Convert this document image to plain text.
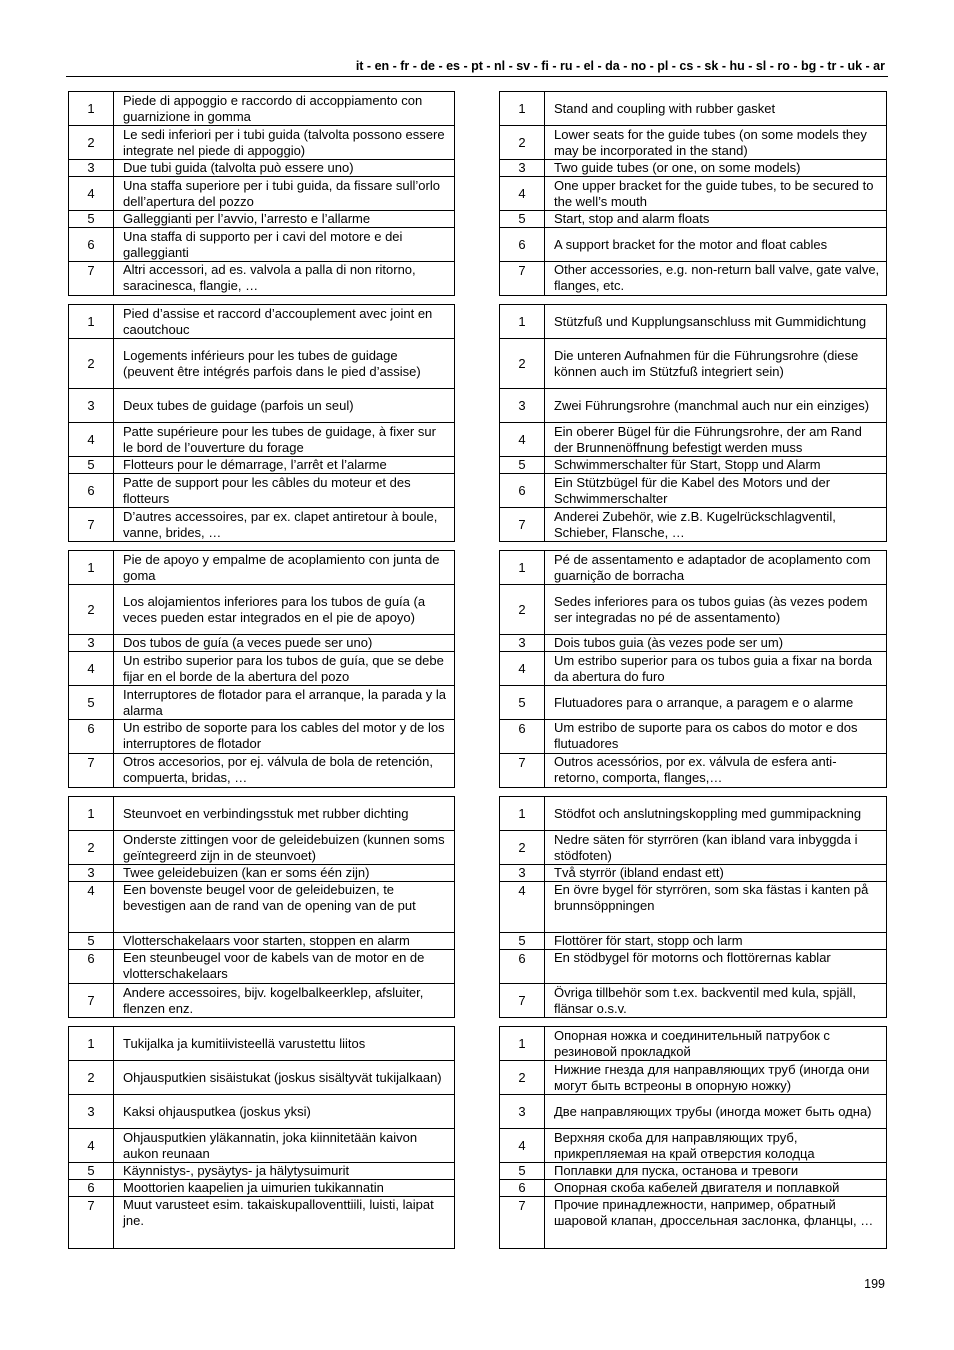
it - en - fr - de - es - pt - nl - sv - fi - ru - el - da - no - pl - cs - sk - hu - sl - ro - bg - tr - uk - ar
1	Piede di appoggio e raccordo di accoppiamento con guarnizione in gomma
2	Le sedi inferiori per i tubi guida (talvolta possono essere integrate nel piede di appoggio)
3	Due tubi guida (talvolta può essere uno)
4	Una staffa superiore per i tubi guida, da fissare sull’orlo dell’apertura del pozzo
5	Galleggianti per l’avvio, l’arresto e l’allarme
6	Una staffa di supporto per i cavi del motore e dei galleggianti
7	Altri accessori, ad es. valvola a palla di non ritorno, saracinesca, flangie, …
1	Stand and coupling with rubber gasket
2	Lower seats for the guide tubes (on some models they may be incorporated in the stand)
3	Two guide tubes (or one, on some models)
4	One upper bracket for the guide tubes, to be secured to the well’s mouth
5	Start, stop and alarm floats
6	A support bracket for the motor and float cables
7	Other accessories, e.g. non-return ball valve, gate valve, flanges, etc.
1	Pied d’assise et raccord d’accouplement avec joint en caoutchouc
2	Logements inférieurs pour les tubes de guidage (peuvent être intégrés parfois dans le pied d’assise)
3	Deux tubes de guidage (parfois un seul)
4	Patte supérieure pour les tubes de guidage, à fixer sur le bord de l’ouverture du forage
5	Flotteurs pour le démarrage, l’arrêt et l’alarme
6	Patte de support pour les câbles du moteur et des flotteurs
7	D’autres accessoires, par ex. clapet antiretour à boule, vanne, brides, …
1	Stützfuß und Kupplungsanschluss mit Gummidichtung
2	Die unteren Aufnahmen für die Führungsrohre (diese können auch im Stützfuß integriert sein)
3	Zwei Führungsrohre (manchmal auch nur ein einziges)
4	Ein oberer Bügel für die Führungsrohre, der am Rand der Brunnenöffnung befestigt werden muss
5	Schwimmerschalter für Start, Stopp und Alarm
6	Ein Stützbügel für die Kabel des Motors und der Schwimmerschalter
7	Anderei Zubehör, wie z.B. Kugelrückschlagventil, Schieber, Flansche, …
1	Pie de apoyo y empalme de acoplamiento con junta de goma
2	Los alojamientos inferiores para los tubos de guía (a veces pueden estar integrados en el pie de apoyo)
3	Dos tubos de guía (a veces puede ser uno)
4	Un estribo superior para los tubos de guía, que se debe fijar en el borde de la abertura del pozo
5	Interruptores de flotador para el arranque, la parada y la alarma
6	Un estribo de soporte para los cables del motor y de los interruptores de flotador
7	Otros accesorios, por ej. válvula de bola de retención, compuerta, bridas, …
1	Pé de assentamento e adaptador de acoplamento com guarnição de borracha
2	Sedes inferiores para os tubos guias (às vezes podem ser integradas no pé de assentamento)
3	Dois tubos guia (às vezes pode ser um)
4	Um estribo superior para os tubos guia a fixar na borda da abertura do furo
5	Flutuadores para o arranque, a paragem e o alarme
6	Um estribo de suporte para os cabos do motor e dos flutuadores
7	Outros acessórios, por ex. válvula de esfera anti-retorno, comporta, flanges,…
1	Steunvoet en verbindingsstuk met rubber dichting
2	Onderste zittingen voor de geleidebuizen (kunnen soms geïntegreerd zijn in de steunvoet)
3	Twee geleidebuizen (kan er soms één zijn)
4	Een bovenste beugel voor de geleidebuizen, te bevestigen aan de rand van de opening van de put
5	Vlotterschakelaars voor starten, stoppen en alarm
6	Een steunbeugel voor de kabels van de motor en de vlotterschakelaars
7	Andere accessoires, bijv. kogelbalkeerklep, afsluiter, flenzen enz.
1	Stödfot och anslutningskoppling med gummipackning
2	Nedre säten för styrrören (kan ibland vara inbyggda i stödfoten)
3	Två styrrör (ibland endast ett)
4	En övre bygel för styrrören, som ska fästas i kanten på brunnsöppningen
5	Flottörer för start, stopp och larm
6	En stödbygel för motorns och flottörernas kablar
7	Övriga tillbehör som t.ex. backventil med kula, spjäll, flänsar o.s.v.
1	Tukijalka ja kumitiivisteellä varustettu liitos
2	Ohjausputkien sisäistukat (joskus sisältyvät tukijalkaan)
3	Kaksi ohjausputkea (joskus yksi)
4	Ohjausputkien yläkannatin, joka kiinnitetään kaivon aukon reunaan
5	Käynnistys-, pysäytys- ja hälytysuimurit
6	Moottorien kaapelien ja uimurien tukikannatin
7	Muut varusteet esim. takaiskupalloventtiili, luisti, laipat jne.
1	Опорная ножка и соединительный патрубок с резиновой прокладкой
2	Нижние гнезда для направляющих труб (иногда они могут быть встреоны в опорную ножку)
3	Две направляющих трубы (иногда может быть одна)
4	Верхняя скоба для направляющих труб, прикрепляемая на край отверстия колодца
5	Поплавки для пуска, останова и тревоги
6	Опорная скоба кабелей двигателя и поплавкой
7	Прочие принадлежности, например, обратный шаровой клапан, дроссельная заслонка, фланцы, …
199
